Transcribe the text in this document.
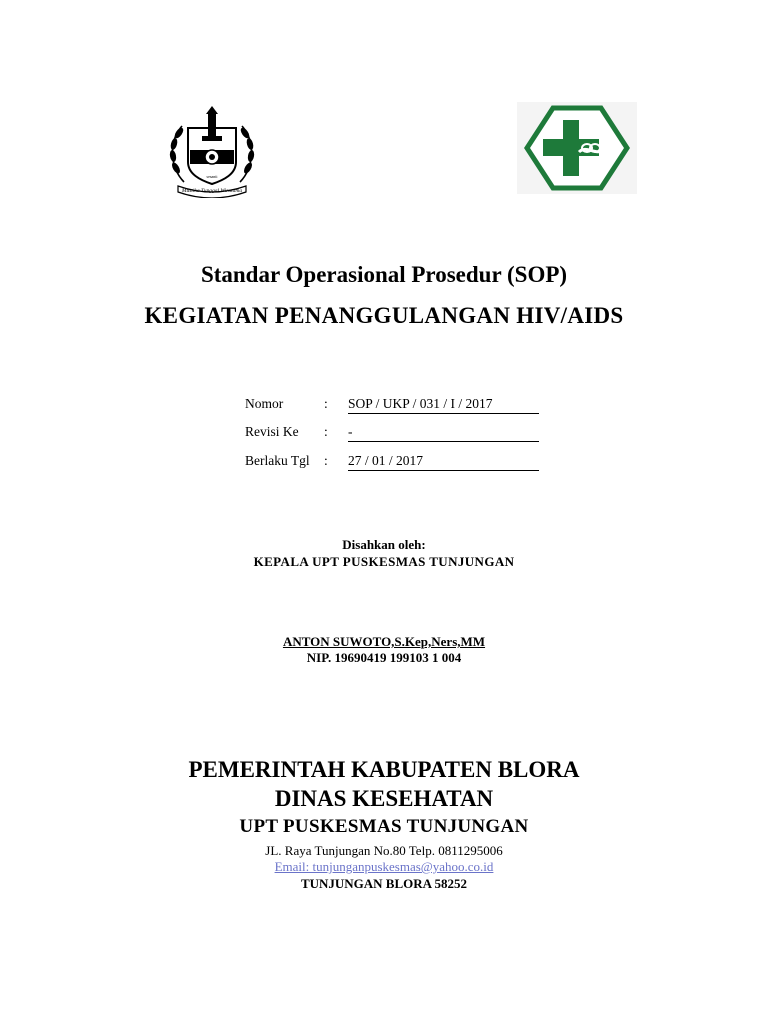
Mustika Tunggal Wiratama
sesanti
Standar Operasional Prosedur (SOP)
KEGIATAN PENANGGULANGAN HIV/AIDS
Nomor	: SOP / UKP / 031 / I / 2017
Revisi Ke	: -
Berlaku Tgl	: 27 / 01 / 2017
Disahkan oleh:
KEPALA UPT PUSKESMAS TUNJUNGAN
ANTON SUWOTO,S.Kep,Ners,MM
NIP. 19690419 199103 1 004
PEMERINTAH KABUPATEN BLORA
DINAS KESEHATAN
UPT PUSKESMAS TUNJUNGAN
JL. Raya Tunjungan No.80 Telp. 0811295006
Email: tunjunganpuskesmas@yahoo.co.id
TUNJUNGAN BLORA 58252
